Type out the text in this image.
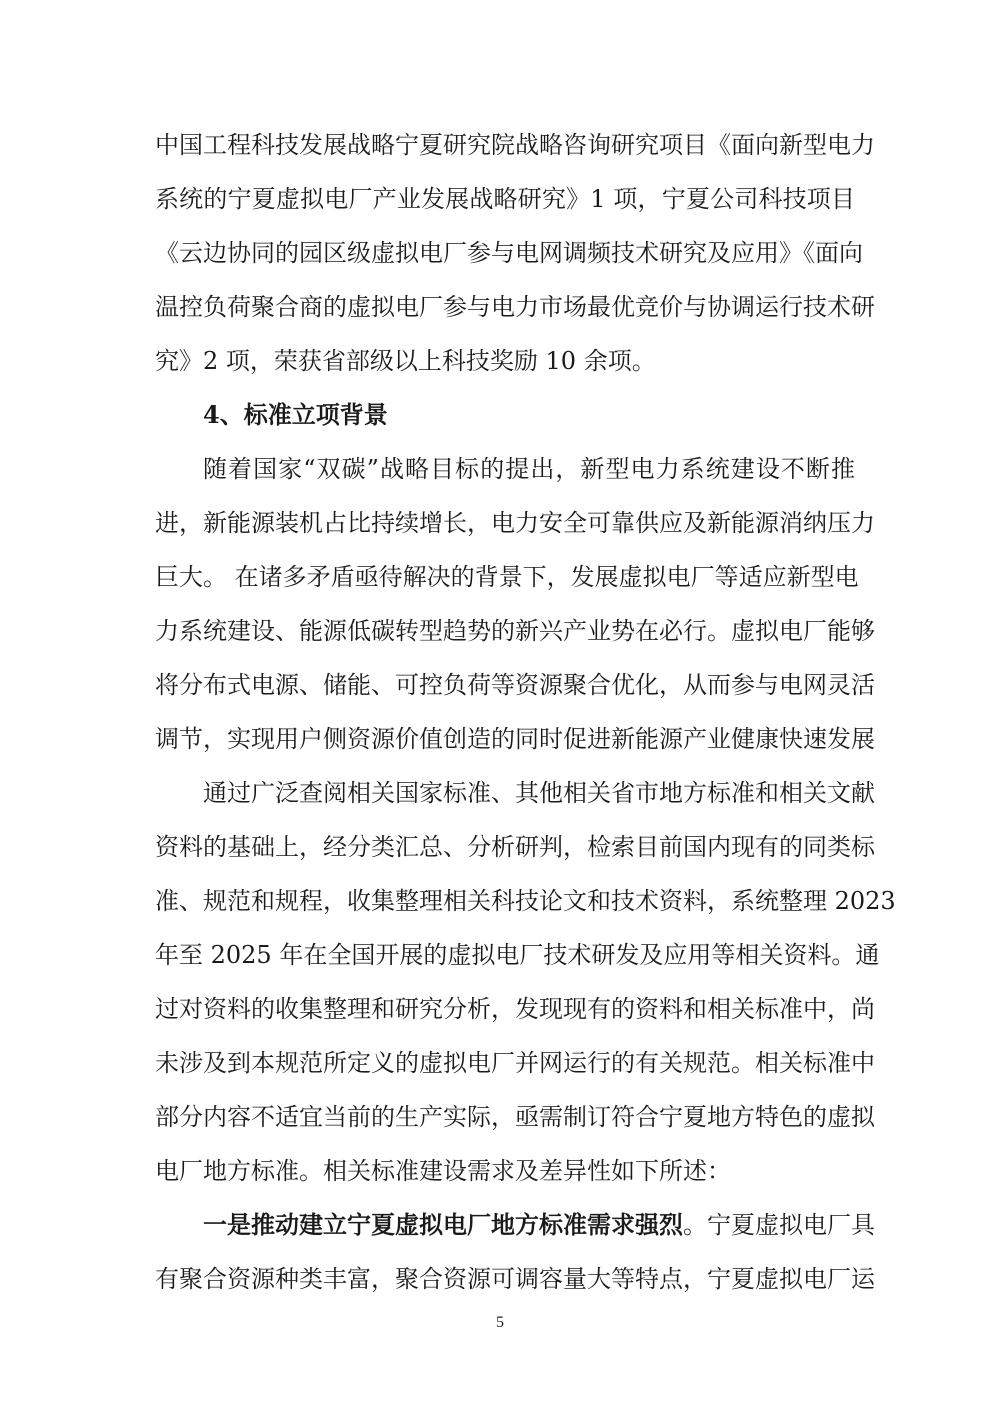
中国工程科技发展战略宁夏研究院战略咨询研究项目《面向新型电力
系统的宁夏虚拟电厂产业发展战略研究》1 项，宁夏公司科技项目
《云边协同的园区级虚拟电厂参与电网调频技术研究及应用》《面向
温控负荷聚合商的虚拟电厂参与电力市场最优竞价与协调运行技术研
究》2 项，荣获省部级以上科技奖励 10 余项。
4、标准立项背景
随着国家“双碳”战略目标的提出，新型电力系统建设不断推
进，新能源装机占比持续增长，电力安全可靠供应及新能源消纳压力
巨大。 在诸多矛盾亟待解决的背景下，发展虚拟电厂等适应新型电
力系统建设、能源低碳转型趋势的新兴产业势在必行。虚拟电厂能够
将分布式电源、储能、可控负荷等资源聚合优化，从而参与电网灵活
调节，实现用户侧资源价值创造的同时促进新能源产业健康快速发展
通过广泛查阅相关国家标准、其他相关省市地方标准和相关文献
资料的基础上，经分类汇总、分析研判，检索目前国内现有的同类标
准、规范和规程，收集整理相关科技论文和技术资料，系统整理 2023
年至 2025 年在全国开展的虚拟电厂技术研发及应用等相关资料。通
过对资料的收集整理和研究分析，发现现有的资料和相关标准中，尚
未涉及到本规范所定义的虚拟电厂并网运行的有关规范。相关标准中
部分内容不适宜当前的生产实际，亟需制订符合宁夏地方特色的虚拟
电厂地方标准。相关标准建设需求及差异性如下所述：
一是推动建立宁夏虚拟电厂地方标准需求强烈。宁夏虚拟电厂具
有聚合资源种类丰富，聚合资源可调容量大等特点，宁夏虚拟电厂运
5
